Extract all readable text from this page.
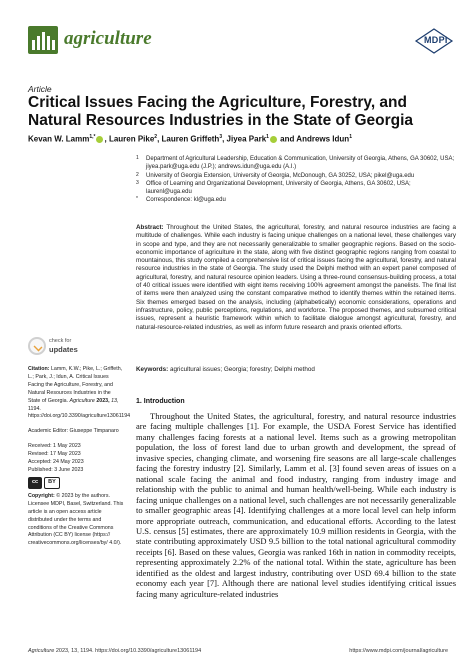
agriculture	MDPI
Article
Critical Issues Facing the Agriculture, Forestry, and Natural Resources Industries in the State of Georgia
Kevan W. Lamm$^{1,*}$ , Lauren Pike$^2$, Lauren Griffeth$^3$, Jiyea Park$^1$ and Andrews Idun$^1$
1 Department of Agricultural Leadership, Education & Communication, University of Georgia, Athens, GA 30602, USA; jiyea.park@uga.edu (J.P.); andrews.idun@uga.edu (A.I.)
2 University of Georgia Extension, University of Georgia, McDonough, GA 30252, USA; pikel@uga.edu
3 Office of Learning and Organizational Development, University of Georgia, Athens, GA 30602, USA; laurenl@uga.edu
* Correspondence: kl@uga.edu
Abstract: Throughout the United States, the agricultural, forestry, and natural resource industries are facing a multitude of challenges. While each industry is facing unique challenges on a national level, these challenges vary in scope and type, and they are not necessarily generalizable to smaller geographic regions. Based on the socio-economic importance of agriculture in the state, along with five distinct geographic regions ranging from coastal to mountainous, this study compiled a comprehensive list of critical issues facing the agricultural, forestry, and natural resource industries in the state of Georgia. The study used the Delphi method with an expert panel composed of agricultural, forestry, and natural resource opinion leaders. Using a three-round consensus-building process, a total of 40 critical issues were identified with eight items receiving 100% agreement amongst the panelists. The final list of items were then analyzed using the constant comparative method to identify themes within the retained items. Six themes emerged based on the analysis, including (alphabetically) economic considerations, operations and infrastructure, policy, public perceptions, regulations, and workforce. The proposed themes, and subsumed critical issues, represent a heuristic framework within which to facilitate dialogue amongst agricultural, forestry, and natural-resource-related industries, as well as inform future research and praxis oriented efforts.
Keywords: agricultural issues; Georgia; forestry; Delphi method
check for
updates

Citation: Lamm, K.W.; Pike, L.; Griffeth, L.; Park, J.; Idun, A. Critical Issues Facing the Agriculture, Forestry, and Natural Resources Industries in the State of Georgia. Agriculture 2023, 13, 1194. https://doi.org/10.3390/agriculture13061194

Academic Editor: Giuseppe Timpanaro

Received: 1 May 2023

Revised: 17 May 2023

Accepted: 24 May 2023

Published: 3 June 2023

cc	BY

Copyright: © 2023 by the authors. Licensee MDPI, Basel, Switzerland. This article is an open access article distributed under the terms and conditions of the Creative Commons Attribution (CC BY) license (https:// creativecommons.org/licenses/by/ 4.0/).

1. Introduction

Throughout the United States, the agricultural, forestry, and natural resource industries are facing multiple challenges [1]. For example, the USDA Forest Service has identified many challenges facing forests at a national level. Items such as a growing metropolitan population, the loss of forest land due to urban growth and development, the spread of invasive species, changing climate, and worsening fire seasons are all large-scale challenges facing the forestry industry [2]. Similarly, Lamm et al. [3] found seven areas of issues on a national scale facing the animal and food industry, ranging from industry image and relationship with the public to animal and human health/well-being. While each industry is facing unique challenges on a national level, such challenges are not necessarily generalizable to smaller geographic areas [4]. Identifying challenges at a more local level can help inform more appropriate outreach, communication, and educational efforts. According to the latest U.S. census [5] estimates, there are approximately 10.9 million residents in Georgia, with the state contributing approximately USD 9.5 billion to the total national agricultural commodity receipts [6]. Based on these values, Georgia was ranked 16th in nation in commodity receipts, representing approximately 2.2% of the national total. Within the state, agriculture has been identified as the oldest and largest industry, contributing over USD 69.4 billion to the state economy each year [7]. Although there are national level studies identifying critical issues facing many agriculture-related industries

Agriculture 2023, 13, 1194. https://doi.org/10.3390/agriculture13061194	https://www.mdpi.com/journal/agriculture
